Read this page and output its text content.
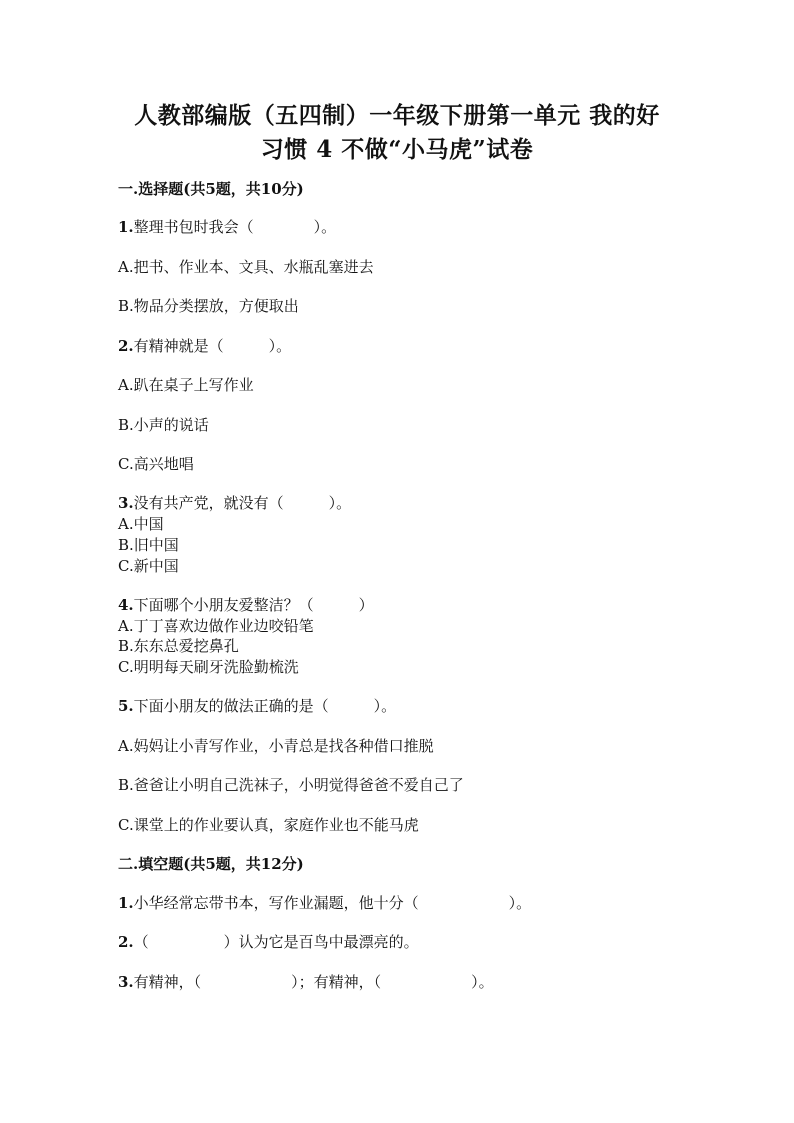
人教部编版（五四制）一年级下册第一单元 我的好
习惯 4 不做“小马虎”试卷
一.选择题(共5题，共10分)
1.整理书包时我会（　　　　）。
A.把书、作业本、文具、水瓶乱塞进去
B.物品分类摆放，方便取出
2.有精神就是（　　　）。
A.趴在桌子上写作业
B.小声的说话
C.高兴地唱
3.没有共产党，就没有（　　　）。
A.中国
B.旧中国
C.新中国
4.下面哪个小朋友爱整洁？（　　　）
A.丁丁喜欢边做作业边咬铅笔
B.东东总爱挖鼻孔
C.明明每天刷牙洗脸勤梳洗
5.下面小朋友的做法正确的是（　　　）。
A.妈妈让小青写作业，小青总是找各种借口推脱
B.爸爸让小明自己洗袜子，小明觉得爸爸不爱自己了
C.课堂上的作业要认真，家庭作业也不能马虎
二.填空题(共5题，共12分)
1.小华经常忘带书本，写作业漏题，他十分（　　　　　　）。
2.（　　　　　）认为它是百鸟中最漂亮的。
3.有精神，（　　　　　　）；有精神，（　　　　　　）。
